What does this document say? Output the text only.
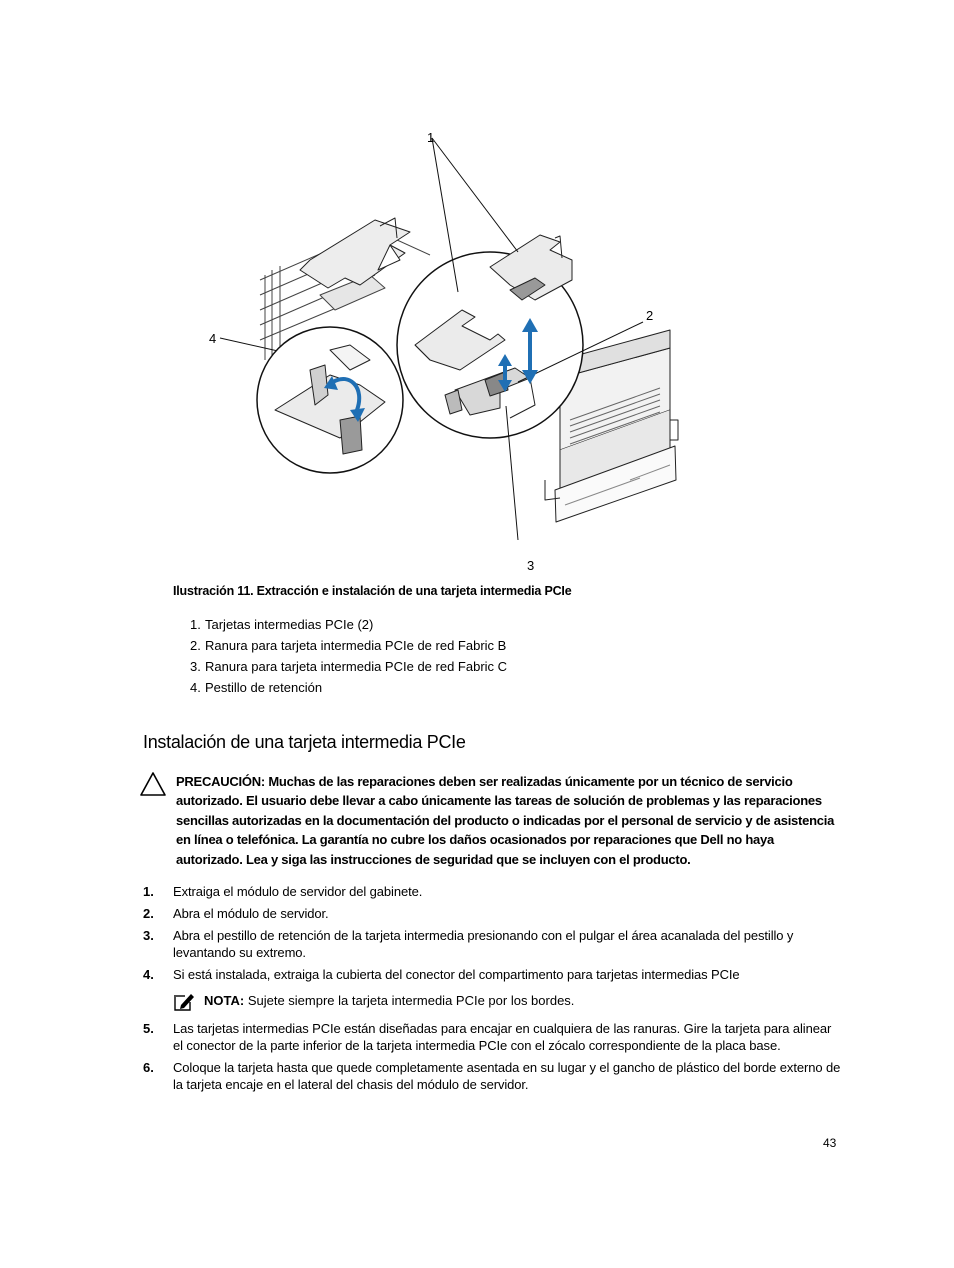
1
2
3
4
Ilustración 11. Extracción e instalación de una tarjeta intermedia PCIe
1. Tarjetas intermedias PCIe (2)
2. Ranura para tarjeta intermedia PCIe de red Fabric B
3. Ranura para tarjeta intermedia PCIe de red Fabric C
4. Pestillo de retención
Instalación de una tarjeta intermedia PCIe
PRECAUCIÓN: Muchas de las reparaciones deben ser realizadas únicamente por un técnico de servicio autorizado. El usuario debe llevar a cabo únicamente las tareas de solución de problemas y las reparaciones sencillas autorizadas en la documentación del producto o indicadas por el personal de servicio y de asistencia en línea o telefónica. La garantía no cubre los daños ocasionados por reparaciones que Dell no haya autorizado. Lea y siga las instrucciones de seguridad que se incluyen con el producto.
1. Extraiga el módulo de servidor del gabinete.
2. Abra el módulo de servidor.
3. Abra el pestillo de retención de la tarjeta intermedia presionando con el pulgar el área acanalada del pestillo y levantando su extremo.
4. Si está instalada, extraiga la cubierta del conector del compartimento para tarjetas intermedias PCIe
NOTA: Sujete siempre la tarjeta intermedia PCIe por los bordes.
5. Las tarjetas intermedias PCIe están diseñadas para encajar en cualquiera de las ranuras. Gire la tarjeta para alinear el conector de la parte inferior de la tarjeta intermedia PCIe con el zócalo correspondiente de la placa base.
6. Coloque la tarjeta hasta que quede completamente asentada en su lugar y el gancho de plástico del borde externo de la tarjeta encaje en el lateral del chasis del módulo de servidor.
43
